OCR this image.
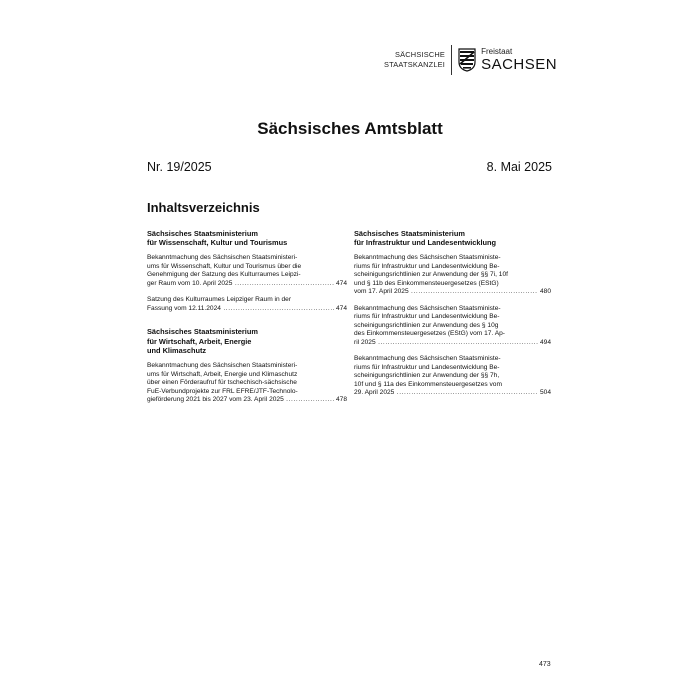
SÄCHSISCHE
STAATSKANZLEI
Freistaat
SACHSEN
Sächsisches Amtsblatt
Nr. 19/2025	8. Mai 2025
Inhaltsverzeichnis
Sächsisches Staatsministerium
für Wissenschaft, Kultur und Tourismus
Bekanntmachung des Sächsischen Staatsministeri-
ums für Wissenschaft, Kultur und Tourismus über die
Genehmigung der Satzung des Kulturraumes Leipzi-
ger Raum vom 10. April 2025 .....	474
Satzung des Kulturraumes Leipziger Raum in der
Fassung vom 12.11.2024 .....	474
Sächsisches Staatsministerium
für Wirtschaft, Arbeit, Energie
und Klimaschutz
Bekanntmachung des Sächsischen Staatsministeri-
ums für Wirtschaft, Arbeit, Energie und Klimaschutz
über einen Förderaufruf für tschechisch-sächsische
FuE-Verbundprojekte zur FRL EFRE/JTF-Technolo-
gieförderung 2021 bis 2027 vom 23. April 2025 .....	478
Sächsisches Staatsministerium
für Infrastruktur und Landesentwicklung
Bekanntmachung des Sächsischen Staatsministe-
riums für Infrastruktur und Landesentwicklung Be-
scheinigungsrichtlinien zur Anwendung der §§ 7i, 10f
und § 11b des Einkommensteuergesetzes (EStG)
vom 17. April 2025 .....	480
Bekanntmachung des Sächsischen Staatsministe-
riums für Infrastruktur und Landesentwicklung Be-
scheinigungsrichtlinien zur Anwendung des § 10g
des Einkommensteuergesetzes (EStG) vom 17. Ap-
ril 2025 .....	494
Bekanntmachung des Sächsischen Staatsministe-
riums für Infrastruktur und Landesentwicklung Be-
scheinigungsrichtlinien zur Anwendung der §§ 7h,
10f und § 11a des Einkommensteuergesetzes vom
29. April 2025 .....	504
473
